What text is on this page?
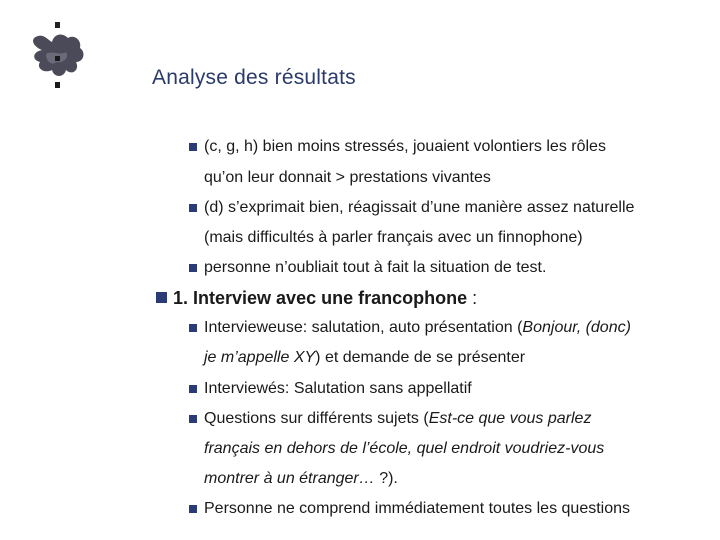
Analyse des résultats
(c, g, h) bien moins stressés, jouaient volontiers les rôles
qu’on leur donnait > prestations vivantes
(d) s’exprimait bien, réagissait d’une manière assez naturelle
(mais difficultés à parler français avec un finnophone)
personne n’oubliait tout à fait la situation de test.
1. Interview avec une francophone :
Intervieweuse: salutation, auto présentation (Bonjour, (donc)
je m’appelle XY) et demande de se présenter
Interviewés: Salutation sans appellatif
Questions sur différents sujets (Est-ce que vous parlez
français en dehors de l’école, quel endroit voudriez-vous
montrer à un étranger… ?).
Personne ne comprend immédiatement toutes les questions
